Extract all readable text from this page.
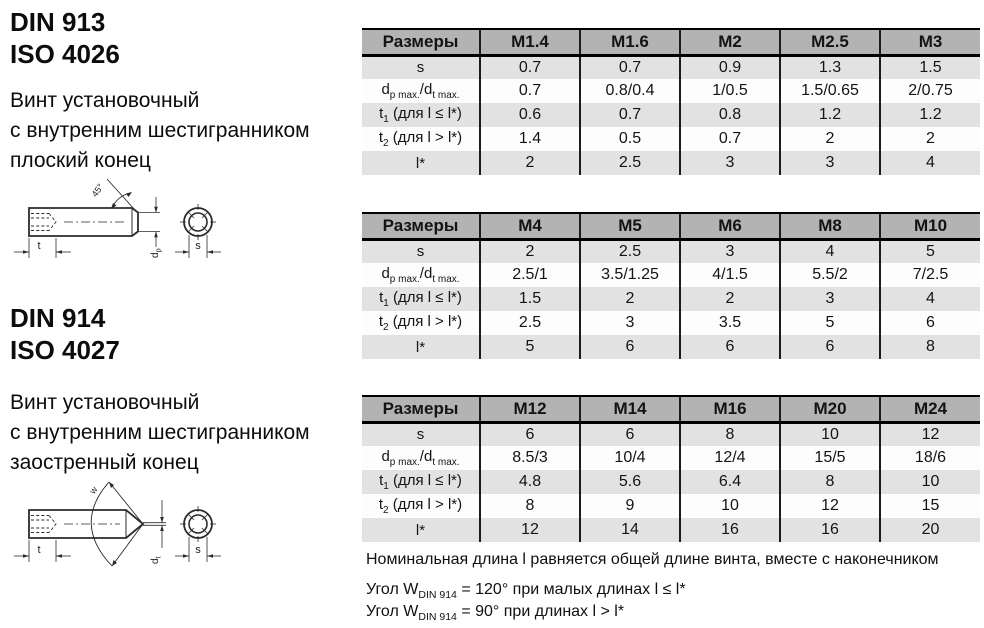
DIN 913
ISO 4026
Винт установочный
с внутренним шестигранником
плоский конец
45°
t
$d_p$	s
DIN 914
ISO 4027
Винт установочный
с внутренним шестигранником
заостренный конец
w
t
$d_t$
s
Размеры	M1.4	M1.6	M2	M2.5	M3
s	0.7	0.7	0.9	1.3	1.5
$d_{p max.}/d_{t max.}$	0.7	0.8/0.4	1/0.5	1.5/0.65	2/0.75
$t_1$ (для l ≤ l*)	0.6	0.7	0.8	1.2	1.2
$t_2$ (для l > l*)	1.4	0.5	0.7	2	2
l*	2	2.5	3	3	4
Размеры	M4	M5	M6	M8	M10
s	2	2.5	3	4	5
$d_{p max.}/d_{t max.}$	2.5/1	3.5/1.25	4/1.5	5.5/2	7/2.5
$t_1$ (для l ≤ l*)	1.5	2	2	3	4
$t_2$ (для l > l*)	2.5	3	3.5	5	6
l*	5	6	6	6	8
Размеры	M12	M14	M16	M20	M24
s	6	6	8	10	12
$d_{p max.}/d_{t max.}$	8.5/3	10/4	12/4	15/5	18/6
$t_1$ (для l ≤ l*)	4.8	5.6	6.4	8	10
$t_2$ (для l > l*)	8	9	10	12	15
l*	12	14	16	16	20

Номинальная длина l равняется общей длине винта, вместе с наконечником

Угол $W_{DIN 914} = 120^\circ$ при малых длинах l ≤ l*

Угол $W_{DIN 914} = 90^\circ$ при длинах l > l*
